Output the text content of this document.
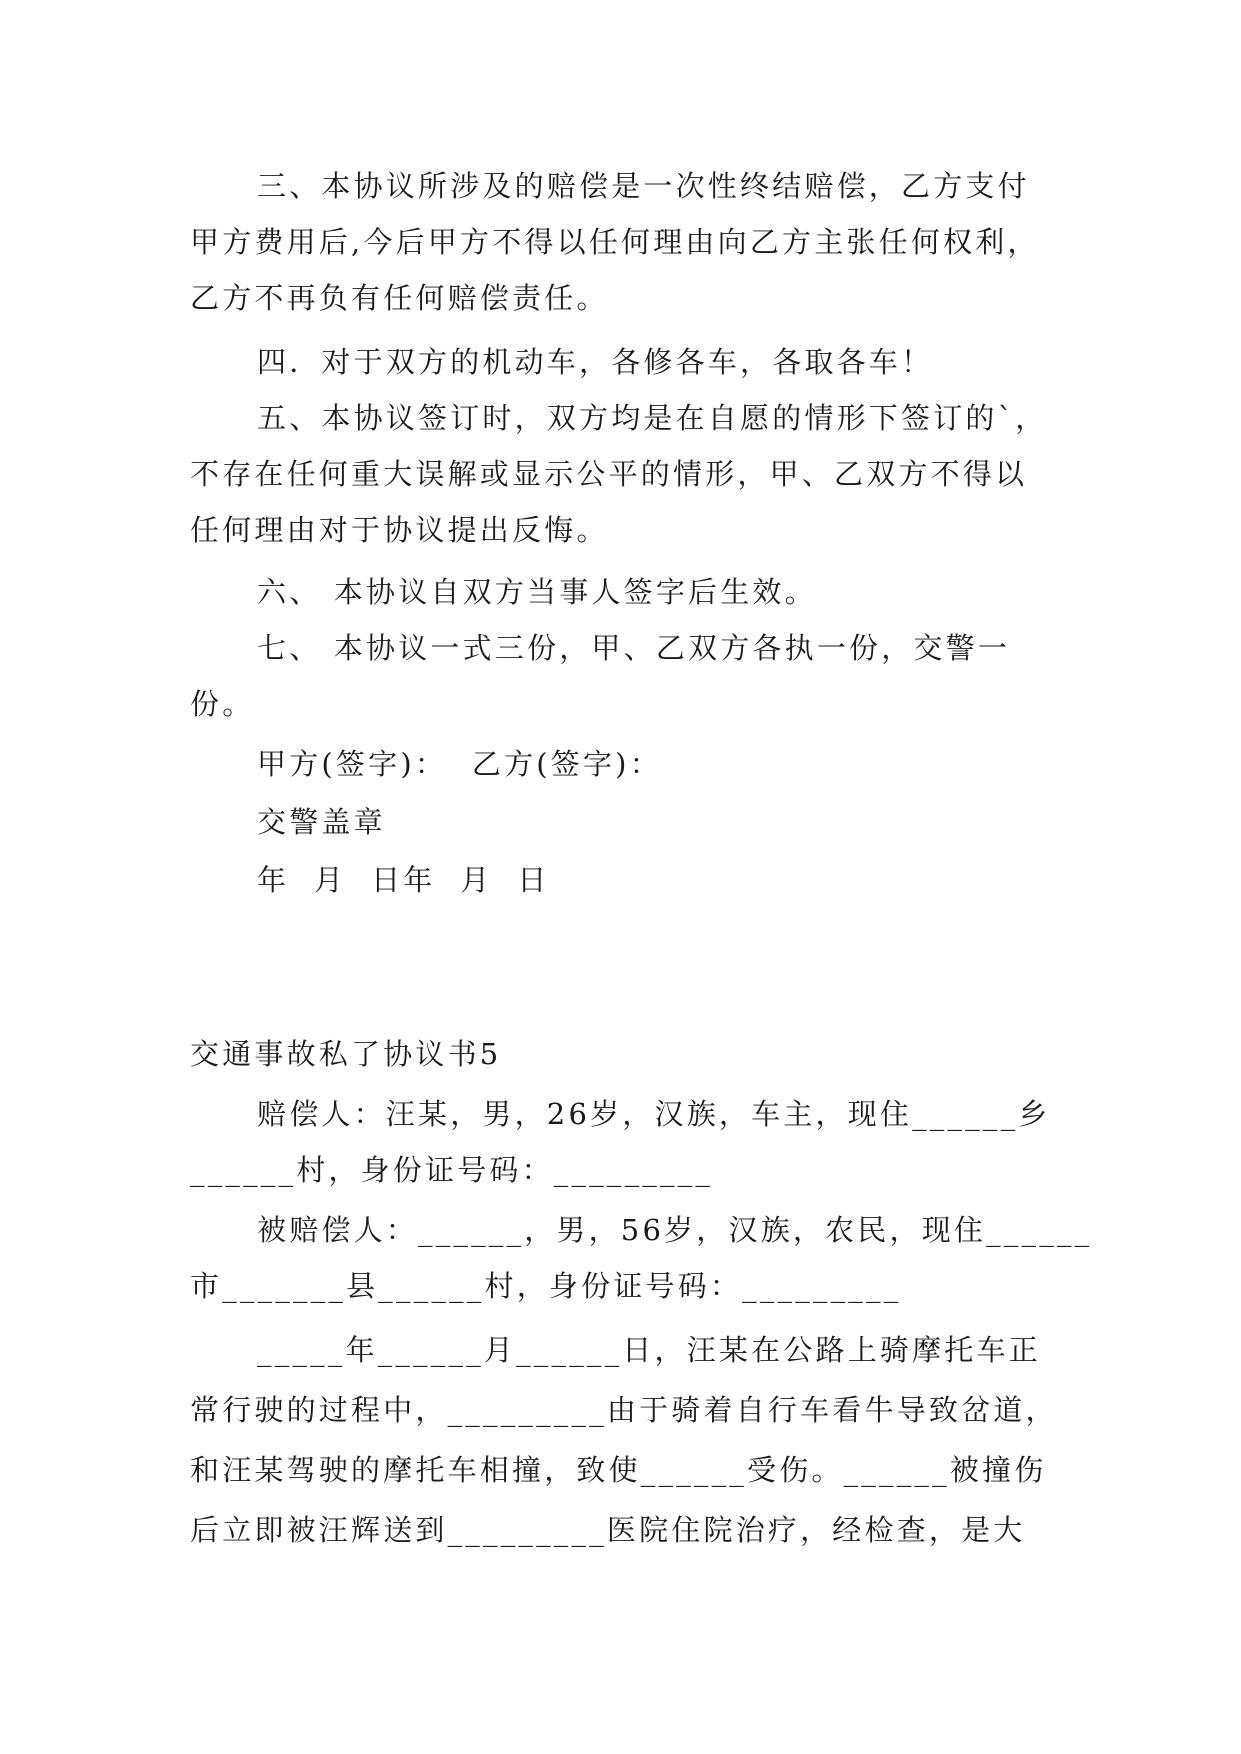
三、本协议所涉及的赔偿是一次性终结赔偿，乙方支付
甲方费用后,今后甲方不得以任何理由向乙方主张任何权利，
乙方不再负有任何赔偿责任。
四．对于双方的机动车，各修各车，各取各车！
五、本协议签订时，双方均是在自愿的情形下签订的`，
不存在任何重大误解或显示公平的情形，甲、乙双方不得以
任何理由对于协议提出反悔。
六、 本协议自双方当事人签字后生效。
七、 本协议一式三份，甲、乙双方各执一份，交警一
份。
甲方(签字)：  乙方(签字)：
交警盖章
年  月  日年  月  日
交通事故私了协议书5
赔偿人：汪某，男，26岁，汉族，车主，现住______乡
______村，身份证号码：_________
被赔偿人：______，男，56岁，汉族，农民，现住______
市_______县______村，身份证号码：_________
_____年______月______日，汪某在公路上骑摩托车正
常行驶的过程中，_________由于骑着自行车看牛导致岔道，
和汪某驾驶的摩托车相撞，致使______受伤。______被撞伤
后立即被汪辉送到_________医院住院治疗，经检查，是大
